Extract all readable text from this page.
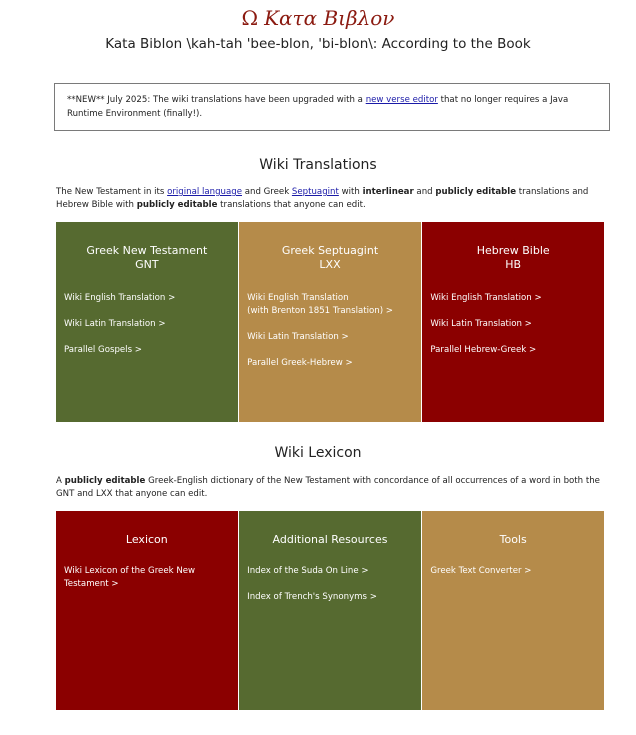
Ω Κατα Βιβλον
Kata Biblon \kah-tah 'bee-blon, 'bi-blon\: According to the Book
**NEW** July 2025: The wiki translations have been upgraded with a new verse editor that no longer requires a Java Runtime Environment (finally!).
Wiki Translations
The New Testament in its original language and Greek Septuagint with interlinear and publicly editable translations and Hebrew Bible with publicly editable translations that anyone can edit.
Greek New Testament
GNT
Wiki English Translation >
Wiki Latin Translation >
Parallel Gospels >
Greek Septuagint
LXX
Wiki English Translation
(with Brenton 1851 Translation) >
Wiki Latin Translation >
Parallel Greek-Hebrew >
Hebrew Bible
HB
Wiki English Translation >
Wiki Latin Translation >
Parallel Hebrew-Greek >
Wiki Lexicon
A publicly editable Greek-English dictionary of the New Testament with concordance of all occurrences of a word in both the GNT and LXX that anyone can edit.
Lexicon
Wiki Lexicon of the Greek New
Testament >
Additional Resources
Index of the Suda On Line >
Index of Trench's Synonyms >
Tools
Greek Text Converter >
